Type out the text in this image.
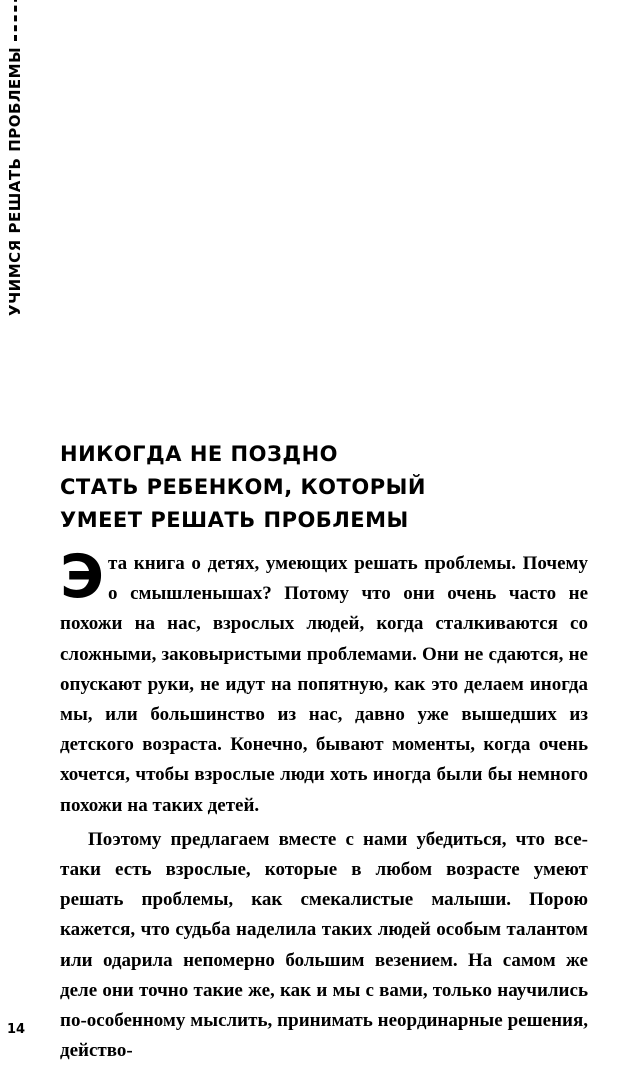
УЧИМСЯ РЕШАТЬ ПРОБЛЕМЫ
НИКОГДА НЕ ПОЗДНО
СТАТЬ РЕБЕНКОМ, КОТОРЫЙ
УМЕЕТ РЕШАТЬ ПРОБЛЕМЫ

Эта книга о детях, умеющих решать проблемы. Почему о смышленышах? Потому что они очень часто не похожи на нас, взрослых людей, когда сталкиваются со сложными, заковыристыми проблемами. Они не сдаются, не опускают руки, не идут на попятную, как это делаем иногда мы, или большинство из нас, давно уже вышедших из детского возраста. Конечно, бывают моменты, когда очень хочется, чтобы взрослые люди хоть иногда были бы немного похожи на таких детей.

Поэтому предлагаем вместе с нами убедиться, что все-таки есть взрослые, которые в любом возрасте умеют решать проблемы, как смекалистые малыши. Порою кажется, что судьба наделила таких людей особым талантом или одарила непомерно большим везением. На самом же деле они точно такие же, как и мы с вами, только научились по-особенному мыслить, принимать неординарные решения, действо-

14
